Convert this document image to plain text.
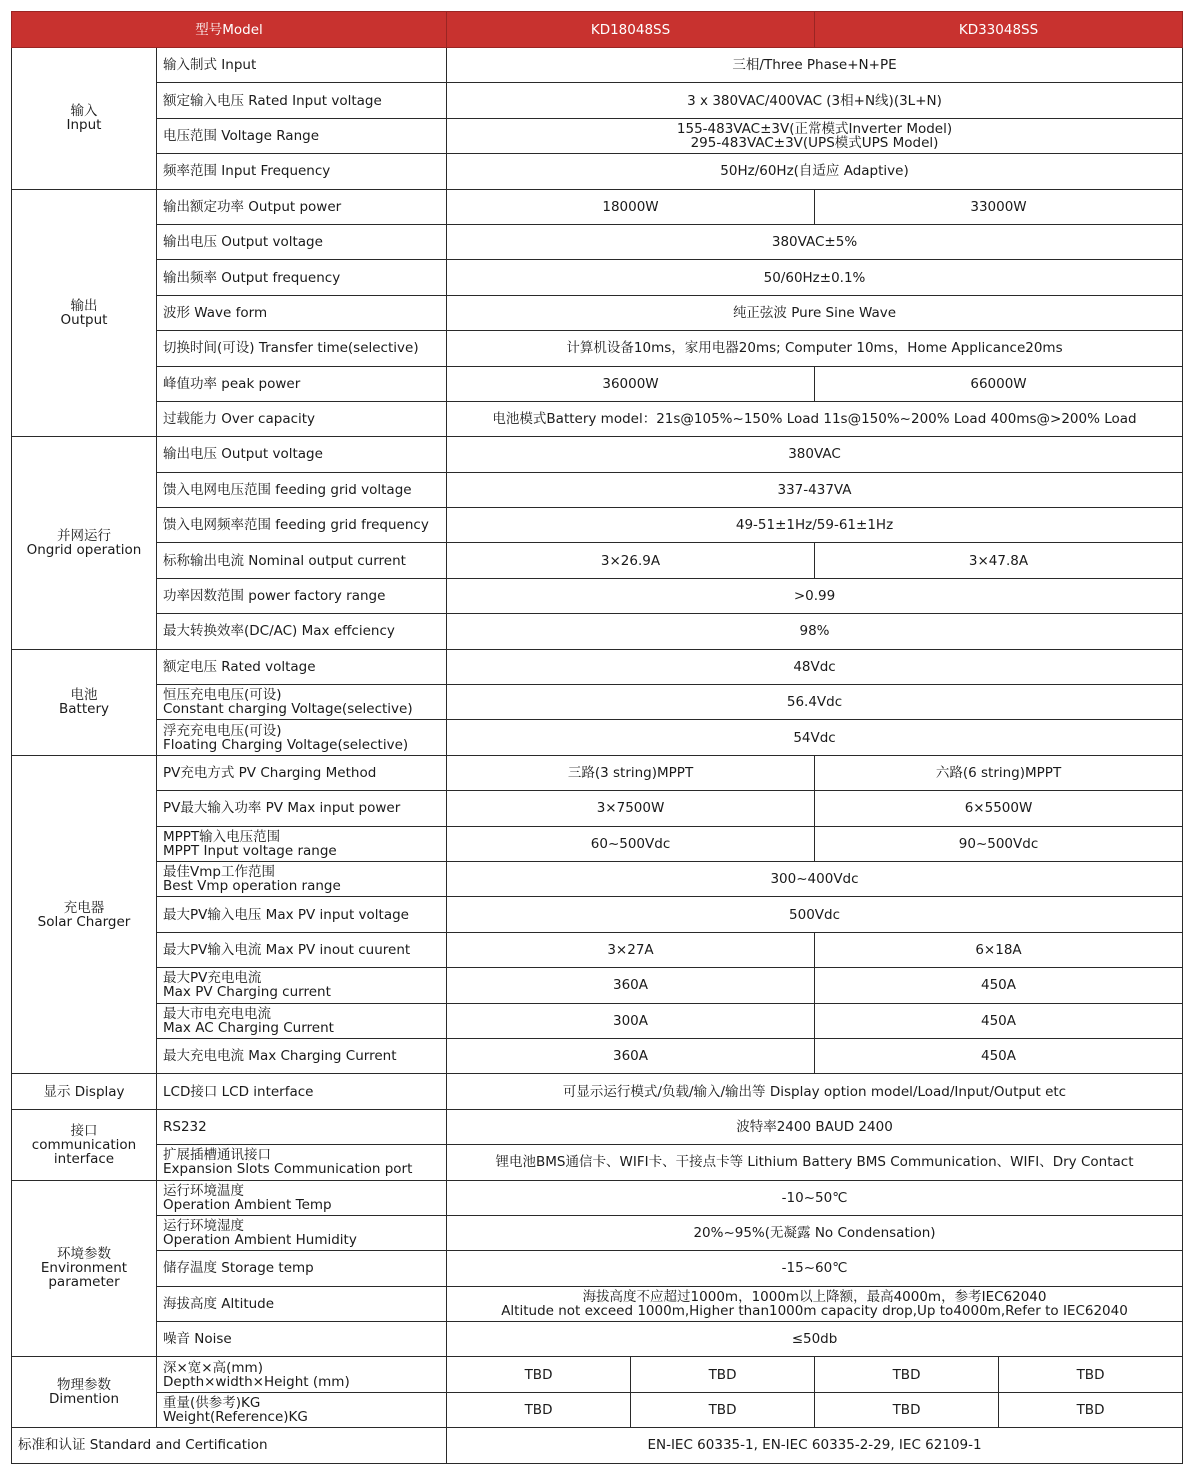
型号Model		KD18048SS		KD33048SS	
输入
Input	输入制式 Input	三相/Three Phase+N+PE			
	额定输入电压 Rated Input voltage	3 x 380VAC/400VAC (3相+N线)(3L+N)			
	电压范围 Voltage Range	155-483VAC±3V(正常模式Inverter Model)
295-483VAC±3V(UPS模式UPS Model)			

	频率范围 Input Frequency	50Hz/60Hz(自适应 Adaptive)			
输出
Output	输出额定功率 Output power	18000W		33000W	
	输出电压 Output voltage	380VAC±5%			
	输出频率 Output frequency	50/60Hz±0.1%			
	波形 Wave form	纯正弦波 Pure Sine Wave			
	切换时间(可设) Transfer time(selective)	计算机设备10ms，家用电器20ms; Computer 10ms，Home Applicance20ms			
	峰值功率 peak power	36000W		66000W	
	过载能力 Over capacity	电池模式Battery model：21s@105%~150% Load 11s@150%~200% Load 400ms@>200% Load			
并网运行
Ongrid operation	输出电压 Output voltage	380VAC			
	馈入电网电压范围 feeding grid voltage	337-437VA			
	馈入电网频率范围 feeding grid frequency	49-51±1Hz/59-61±1Hz			
	标称输出电流 Nominal output current	3×26.9A		3×47.8A	
	功率因数范围 power factory range	>0.99			
	最大转换效率(DC/AC) Max effciency	98%			
电池
Battery	额定电压 Rated voltage	48Vdc			

	恒压充电电压(可设)
Constant charging Voltage(selective)	56.4Vdc			

	浮充充电电压(可设)
Floating Charging Voltage(selective)	54Vdc			
充电器
Solar Charger	PV充电方式 PV Charging Method	三路(3 string)MPPT		六路(6 string)MPPT	
	PV最大输入功率 PV Max input power	3×7500W		6×5500W	

	MPPT输入电压范围
MPPT Input voltage range	60~500Vdc		90~500Vdc	

	最佳Vmp工作范围
Best Vmp operation range	300~400Vdc			
	最大PV输入电压 Max PV input voltage	500Vdc			
	最大PV输入电流 Max PV inout cuurent	3×27A		6×18A	

	最大PV充电电流
Max PV Charging current	360A		450A	

	最大市电充电电流
Max AC Charging Current	300A		450A	
	最大充电电流 Max Charging Current	360A		450A	
显示 Display	LCD接口 LCD interface	可显示运行模式/负载/输入/输出等 Display option model/Load/Input/Output etc			
接口
communication
interface	RS232	波特率2400 BAUD 2400			

	扩展插槽通讯接口
Expansion Slots Communication port	锂电池BMS通信卡、WIFI卡、干接点卡等 Lithium Battery BMS Communication、WIFI、Dry Contact			
环境参数
Environment
parameter	运行环境温度
Operation Ambient Temp	-10~50℃			

	运行环境湿度
Operation Ambient Humidity	20%~95%(无凝露 No Condensation)			
	储存温度 Storage temp	-15~60℃			
	海拔高度 Altitude	海拔高度不应超过1000m，1000m以上降额，最高4000m，参考IEC62040
Altitude not exceed 1000m,Higher than1000m capacity drop,Up to4000m,Refer to IEC62040			

	噪音 Noise	≤50db			
物理参数
Dimention	深×宽×高(mm)
Depth×width×Height (mm)	TBD	TBD	TBD	TBD

	重量(供参考)KG
Weight(Reference)KG	TBD	TBD	TBD	TBD
标准和认证 Standard and Certification		EN-IEC 60335-1, EN-IEC 60335-2-29, IEC 62109-1			
